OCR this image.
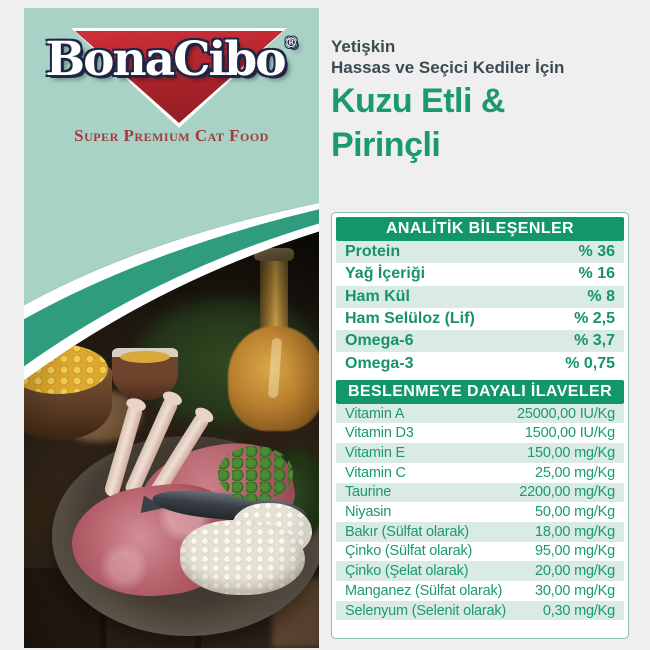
BonaCibo®
Super Premium Cat Food
Yetişkin
Hassas ve Seçici Kediler İçin
Kuzu Etli &
Pirinçli
ANALİTİK BİLEŞENLER
Protein	% 36
Yağ İçeriği	% 16
Ham Kül	% 8
Ham Selüloz (Lif)	% 2,5
Omega-6	% 3,7
Omega-3	% 0,75
BESLENMEYE DAYALI İLAVELER
Vitamin A	25000,00 IU/Kg
Vitamin D3	1500,00 IU/Kg
Vitamin E	150,00 mg/Kg
Vitamin C	25,00 mg/Kg
Taurine	2200,00 mg/Kg
Niyasin	50,00 mg/Kg
Bakır (Sülfat olarak)	18,00 mg/Kg
Çinko (Sülfat olarak)	95,00 mg/Kg
Çinko (Şelat olarak)	20,00 mg/Kg
Manganez (Sülfat olarak) 30,00 mg/Kg
Selenyum (Selenit olarak)	0,30 mg/Kg
